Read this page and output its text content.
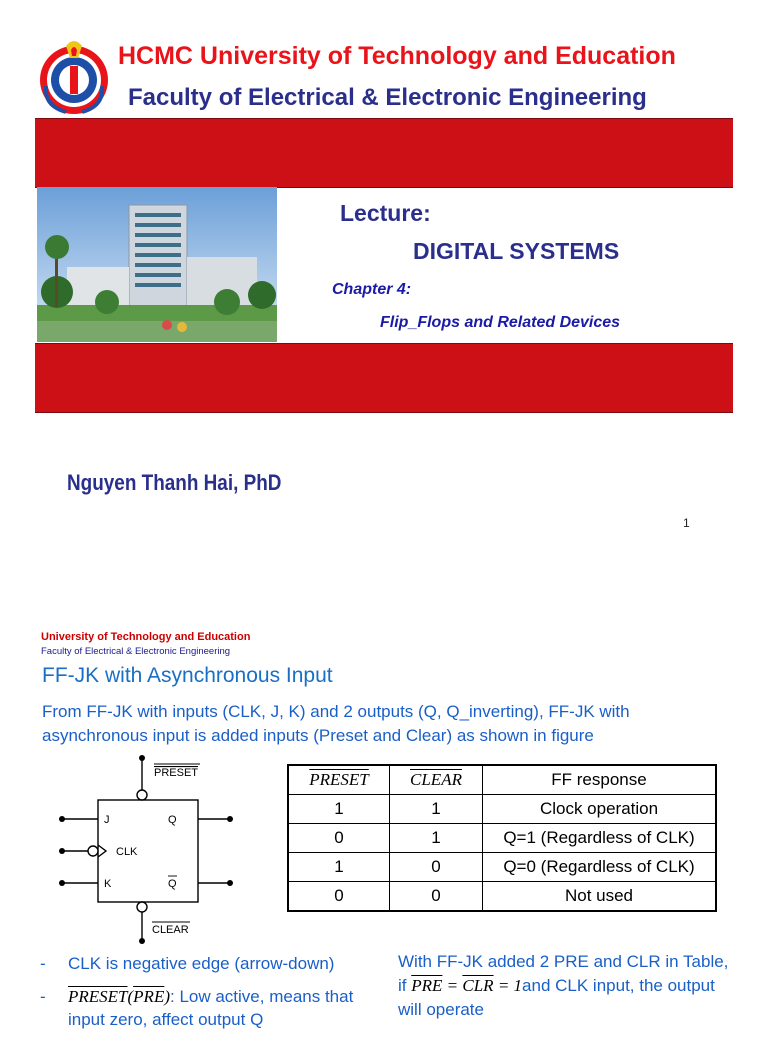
HCMC University of Technology and Education
Faculty of Electrical & Electronic Engineering
Lecture:
DIGITAL SYSTEMS
Chapter 4:
Flip_Flops and Related Devices
Nguyen Thanh Hai, PhD
1
University of Technology and Education
Faculty of Electrical & Electronic Engineering
FF-JK with Asynchronous Input
From FF-JK with inputs (CLK, J, K) and 2 outputs (Q, Q_inverting), FF-JK with asynchronous input is added inputs (Preset and Clear) as shown in figure
PRESET
CLEAR
J
CLK
K
Q
Q
PRESET	CLEAR	FF response
1	1	Clock operation
0	1	Q=1 (Regardless of CLK)
1	0	Q=0 (Regardless of CLK)
0	0	Not used
- CLK is negative edge (arrow-down)
- $PRESET(\overline{PRE})$: Low active, means that input zero, affect output Q
With FF-JK added 2 PRE and CLR in Table, if $\overline{PRE} = \overline{CLR} = 1and$ CLK input, the output will operate
